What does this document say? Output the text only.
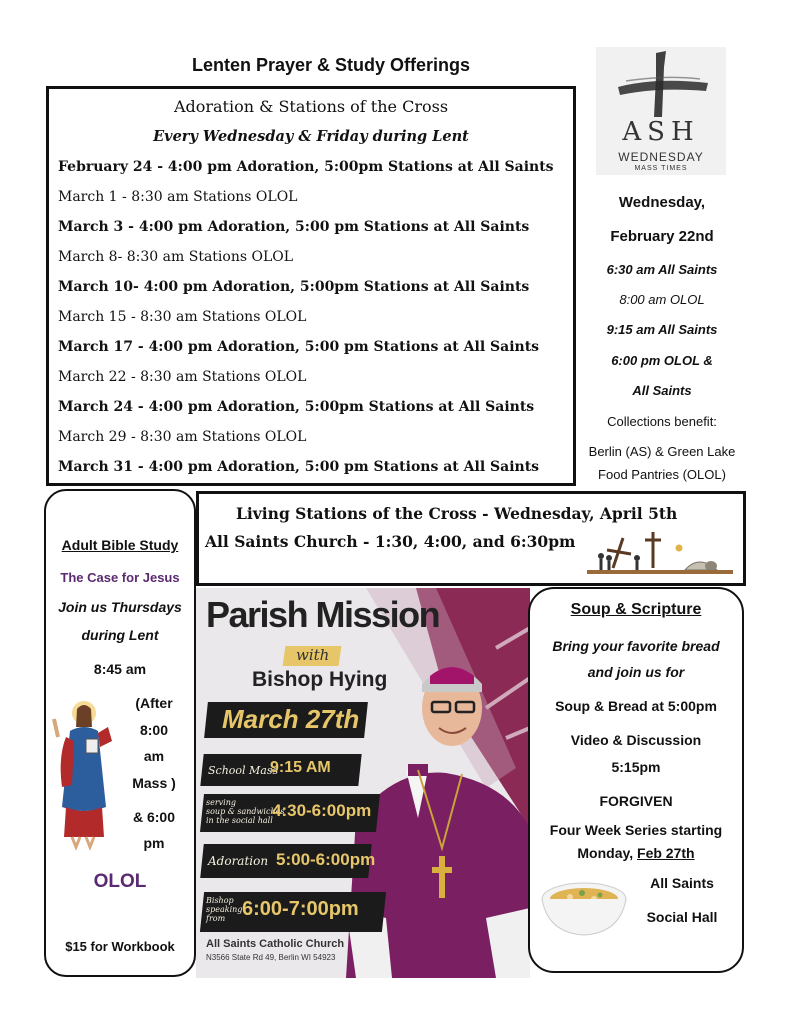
Lenten Prayer & Study Offerings
Adoration & Stations of the Cross
Every Wednesday & Friday during Lent
February 24 - 4:00 pm Adoration, 5:00pm Stations at All Saints
March 1 - 8:30 am Stations OLOL
March 3 - 4:00 pm Adoration, 5:00 pm Stations at All Saints
March 8- 8:30 am Stations OLOL
March 10- 4:00 pm Adoration, 5:00pm Stations at All Saints
March 15 - 8:30 am Stations OLOL
March 17 - 4:00 pm Adoration, 5:00 pm Stations at All Saints
March 22 - 8:30 am Stations OLOL
March 24 - 4:00 pm Adoration, 5:00pm Stations at All Saints
March 29 - 8:30 am Stations OLOL
March 31 - 4:00 pm Adoration, 5:00 pm Stations at All Saints
ASH
WEDNESDAY
MASS TIMES
Wednesday,
February 22nd
6:30 am All Saints
8:00 am OLOL
9:15 am All Saints
6:00 pm OLOL &
All Saints
Collections benefit:
Berlin (AS) & Green Lake
Food Pantries (OLOL)
Adult Bible Study
The Case for Jesus
Join us Thursdays
during Lent
8:45 am
(After
8:00
am
Mass )
& 6:00
pm
OLOL
$15 for Workbook
Living Stations of the Cross - Wednesday, April 5th
All Saints Church - 1:30, 4:00, and 6:30pm
Parish Mission
with
Bishop Hying
March 27th
School Mass
9:15 AM
serving
soup & sandwiches
in the social hall
4:30-6:00pm
Adoration 5:00-6:00pm
Bishop
speaking
from 6:00-7:00pm
All Saints Catholic Church
N3566 State Rd 49, Berlin WI 54923
Soup & Scripture
Bring your favorite bread
and join us for
Soup & Bread at 5:00pm
Video & Discussion
5:15pm
FORGIVEN
Four Week Series starting
Monday, Feb 27th
All Saints
Social Hall
